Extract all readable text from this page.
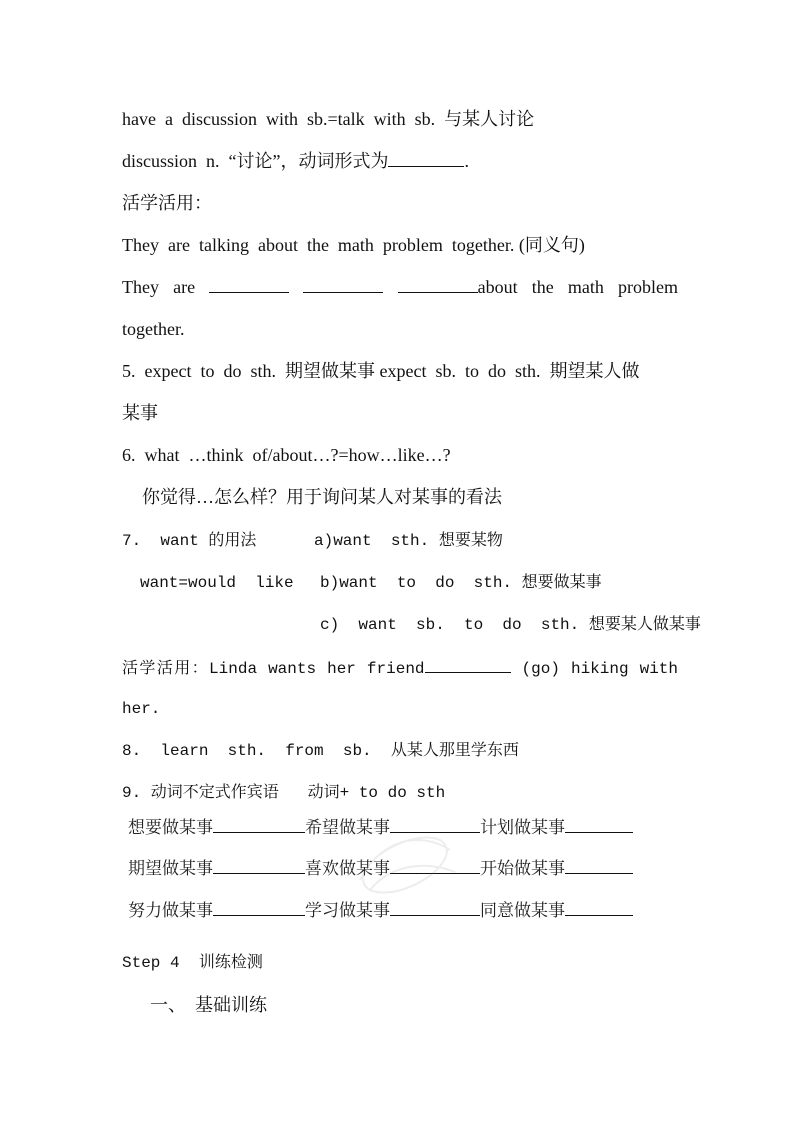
have  a  discussion  with  sb.=talk  with  sb.  与某人讨论
discussion  n.  “讨论”，动词形式为	.
活学活用：
They  are  talking  about  the  math  problem  together. (同义句)
They are	about the math problem
together.
5.  expect  to  do  sth.  期望做某事 expect  sb.  to  do  sth.  期望某人做
某事
6.  what  …think  of/about…?=how…like…?
你觉得…怎么样？用于询问某人对某事的看法
7.  want 的用法	a)want  sth. 想要某物
want=would  like b)want  to  do  sth. 想要做某事
c)  want  sb.  to  do  sth. 想要某人做某事
活学活用：Linda wants her friend	(go) hiking with
her.
8.  learn  sth.  from  sb.  从某人那里学东西
9. 动词不定式作宾语   动词+ to do sth
想要做某事	希望做某事	计划做某事
期望做某事	喜欢做某事	开始做某事
努力做某事	学习做某事	同意做某事
Step 4  训练检测
一、  基础训练
